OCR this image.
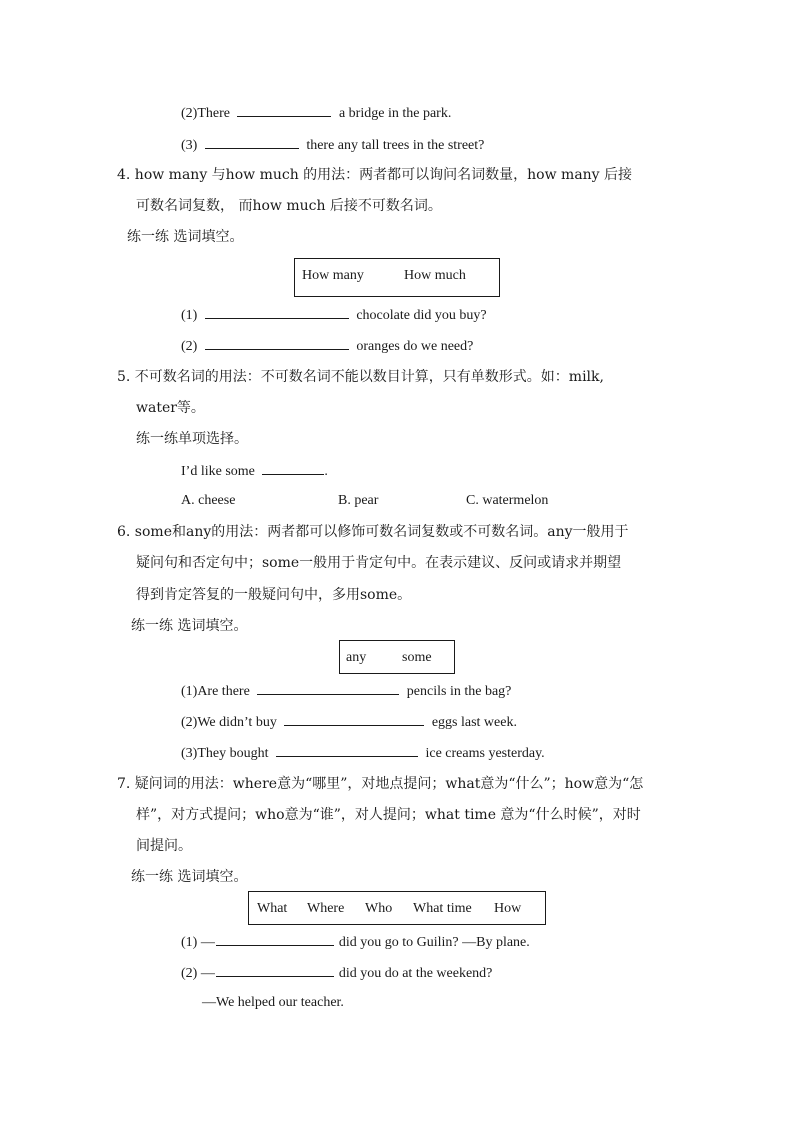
(2)There	a bridge in the park.
(3)	there any tall trees in the street?
4. how many 与how much 的用法：两者都可以询问名词数量，how many 后接
可数名词复数， 而how much 后接不可数名词。
练一练 选词填空。
How many	How much
(1)	chocolate did you buy?
(2)	oranges do we need?
5. 不可数名词的用法：不可数名词不能以数目计算，只有单数形式。如：milk,
water等。
练一练单项选择。
I’d like some	.
A. cheese	B. pear	C. watermelon
6. some和any的用法：两者都可以修饰可数名词复数或不可数名词。any一般用于
疑问句和否定句中；some一般用于肯定句中。在表示建议、反问或请求并期望
得到肯定答复的一般疑问句中，多用some。
练一练 选词填空。
any	some
(1)Are there	pencils in the bag?
(2)We didn’t buy	eggs last week.
(3)They bought	ice creams yesterday.
7. 疑问词的用法：where意为“哪里”，对地点提问；what意为“什么”；how意为“怎
样”，对方式提问；who意为“谁”，对人提问；what time 意为“什么时候”，对时
间提问。
练一练 选词填空。
What Where Who What time How
(1) —	did you go to Guilin? —By plane.
(2) —	did you do at the weekend?
—We helped our teacher.
